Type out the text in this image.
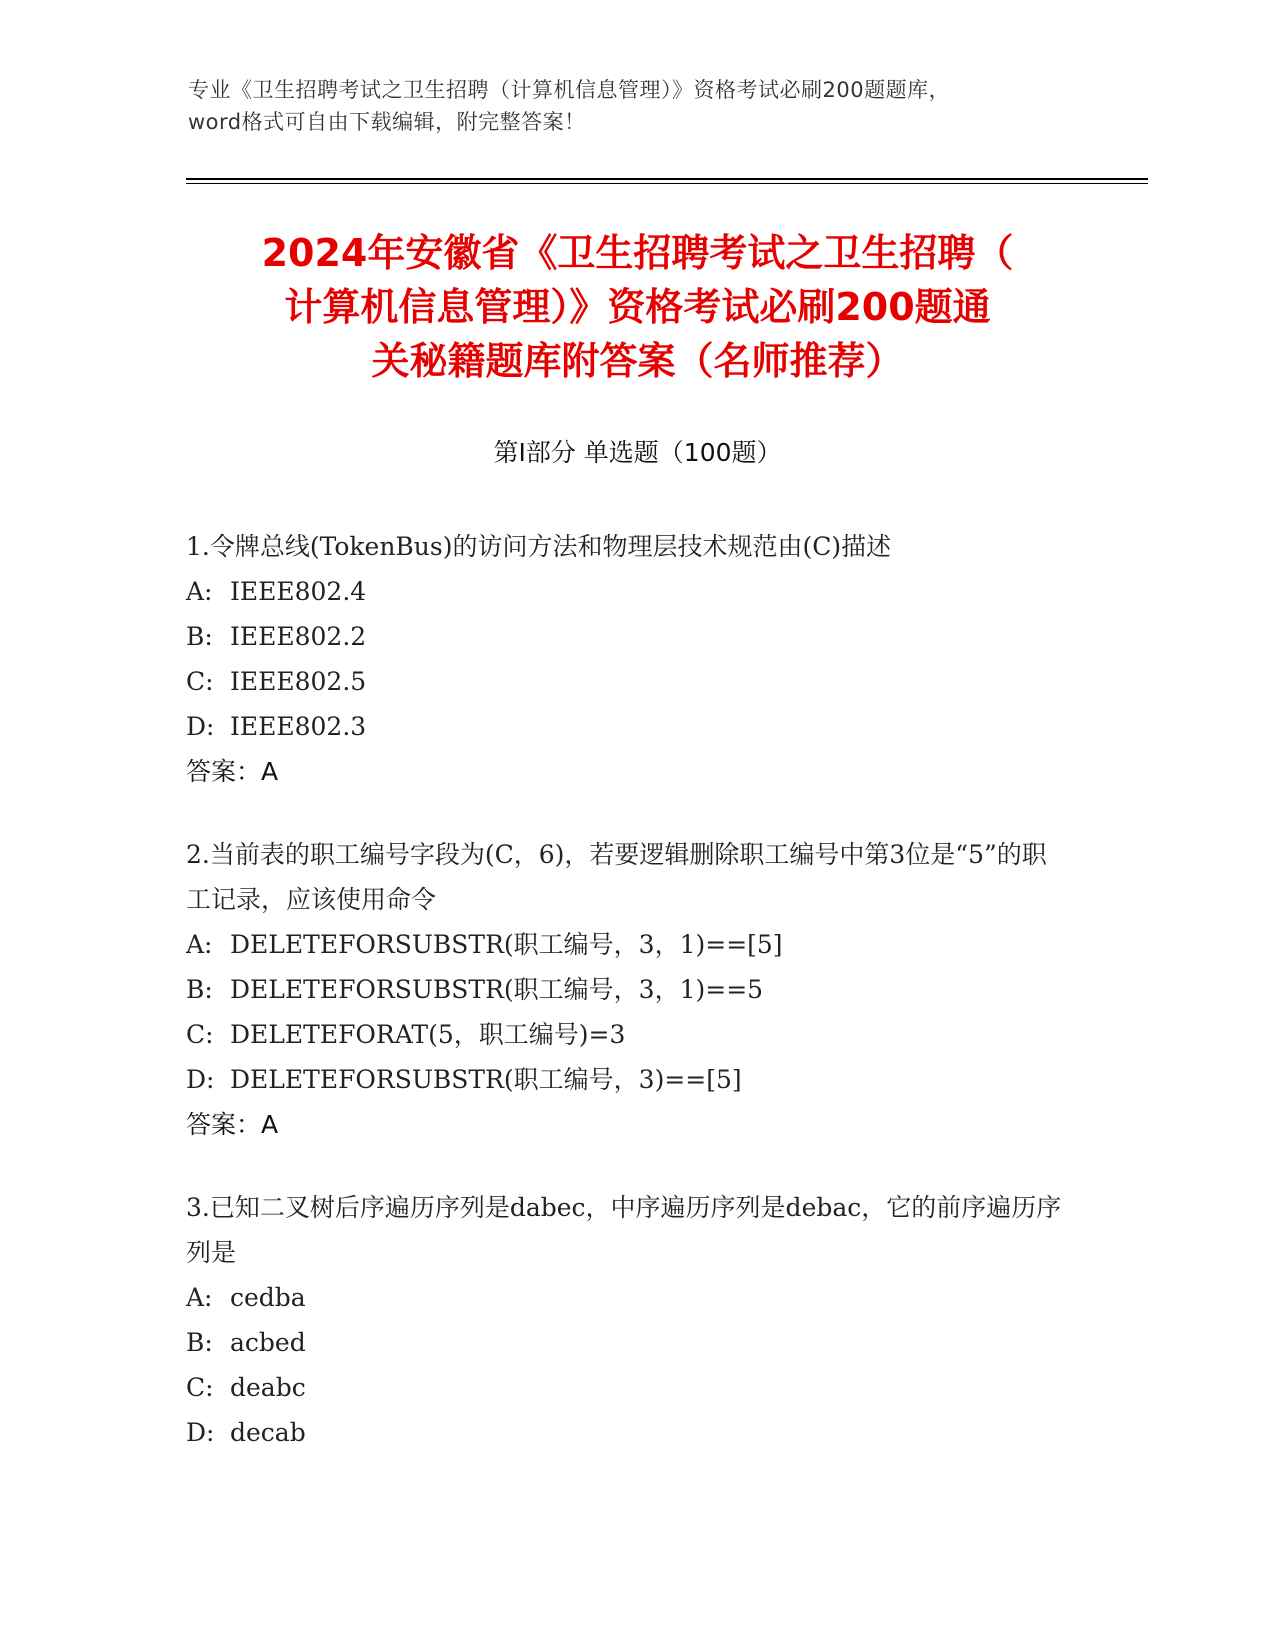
专业《卫生招聘考试之卫生招聘（计算机信息管理）》资格考试必刷200题题库，
word格式可自由下载编辑，附完整答案！
2024年安徽省《卫生招聘考试之卫生招聘（
计算机信息管理）》资格考试必刷200题通
关秘籍题库附答案（名师推荐）
第I部分 单选题（100题）
1.令牌总线(TokenBus)的访问方法和物理层技术规范由(C)描述
A: IEEE802.4
B: IEEE802.2
C: IEEE802.5
D: IEEE802.3
答案：A
2.当前表的职工编号字段为(C，6)，若要逻辑删除职工编号中第3位是“5”的职工记录，应该使用命令
A: DELETEFORSUBSTR(职工编号，3，1)==[5]
B: DELETEFORSUBSTR(职工编号，3，1)==5
C: DELETEFORAT(5，职工编号)=3
D: DELETEFORSUBSTR(职工编号，3)==[5]
答案：A
3.已知二叉树后序遍历序列是dabec，中序遍历序列是debac，它的前序遍历序列是
A: cedba
B: acbed
C: deabc
D: decab
